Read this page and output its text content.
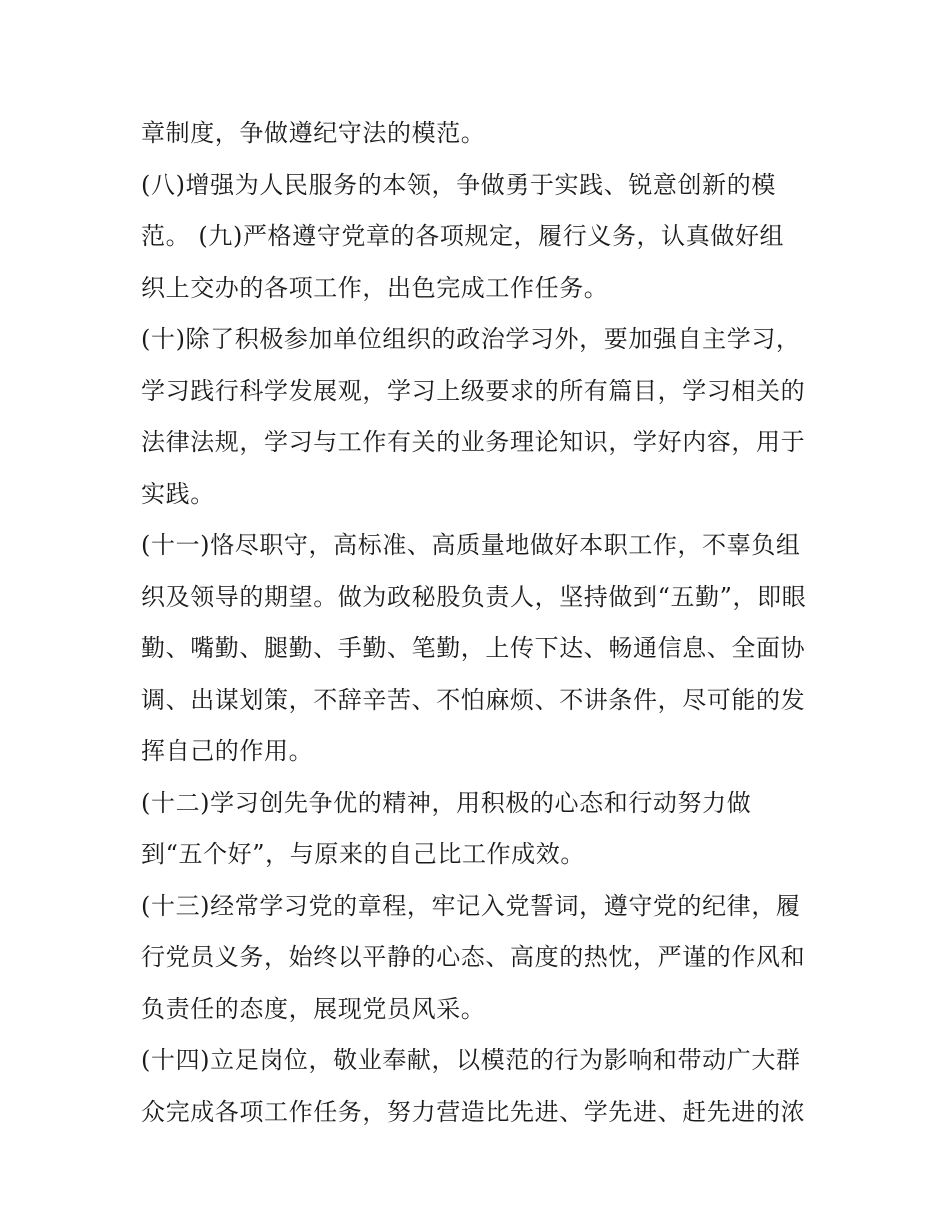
章制度，争做遵纪守法的模范。
(八)增强为人民服务的本领，争做勇于实践、锐意创新的模
范。 (九)严格遵守党章的各项规定，履行义务，认真做好组
织上交办的各项工作，出色完成工作任务。
(十)除了积极参加单位组织的政治学习外，要加强自主学习，
学习践行科学发展观，学习上级要求的所有篇目，学习相关的
法律法规，学习与工作有关的业务理论知识，学好内容，用于
实践。
(十一)恪尽职守，高标准、高质量地做好本职工作，不辜负组
织及领导的期望。做为政秘股负责人，坚持做到“五勤”，即眼
勤、嘴勤、腿勤、手勤、笔勤，上传下达、畅通信息、全面协
调、出谋划策，不辞辛苦、不怕麻烦、不讲条件，尽可能的发
挥自己的作用。
(十二)学习创先争优的精神，用积极的心态和行动努力做
到“五个好”，与原来的自己比工作成效。
(十三)经常学习党的章程，牢记入党誓词，遵守党的纪律，履
行党员义务，始终以平静的心态、高度的热忱，严谨的作风和
负责任的态度，展现党员风采。
(十四)立足岗位，敬业奉献，以模范的行为影响和带动广大群
众完成各项工作任务，努力营造比先进、学先进、赶先进的浓
